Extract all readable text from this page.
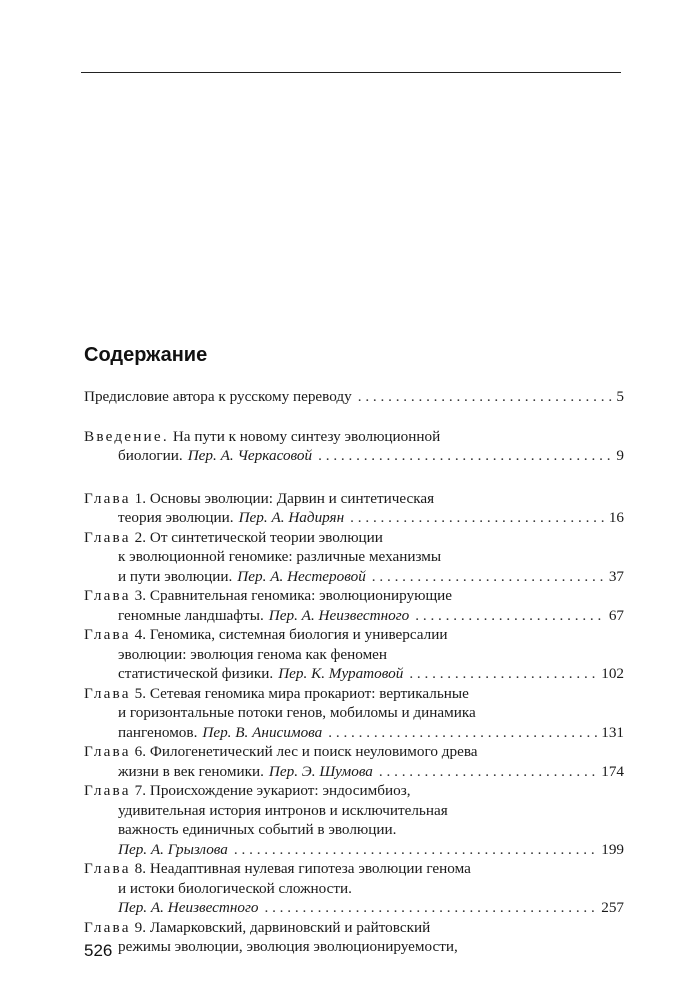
Содержание
Предисловие автора к русскому переводу . . .	5
Введение. На пути к новому синтезу эволюционной
биологии. Пер. А. Черкасовой . . .	9
Глава 1. Основы эволюции: Дарвин и синтетическая
теория эволюции. Пер. А. Надирян . . .	16
Глава 2. От синтетической теории эволюции
к эволюционной геномике: различные механизмы
и пути эволюции. Пер. А. Нестеровой . . .	37
Глава 3. Сравнительная геномика: эволюционирующие
геномные ландшафты. Пер. А. Неизвестного . . .	67
Глава 4. Геномика, системная биология и универсалии
эволюции: эволюция генома как феномен
статистической физики. Пер. К. Муратовой . . .	102
Глава 5. Сетевая геномика мира прокариот: вертикальные
и горизонтальные потоки генов, мобиломы и динамика
пангеномов. Пер. В. Анисимова . . .	131
Глава 6. Филогенетический лес и поиск неуловимого древа
жизни в век геномики. Пер. Э. Шумова . . .	174
Глава 7. Происхождение эукариот: эндосимбиоз,
удивительная история интронов и исключительная
важность единичных событий в эволюции.
Пер. А. Грызлова . . .	199
Глава 8. Неадаптивная нулевая гипотеза эволюции генома
и истоки биологической сложности.
Пер. А. Неизвестного . . .	257
Глава 9. Ламарковский, дарвиновский и райтовский
режимы эволюции, эволюция эволюционируемости,
526
